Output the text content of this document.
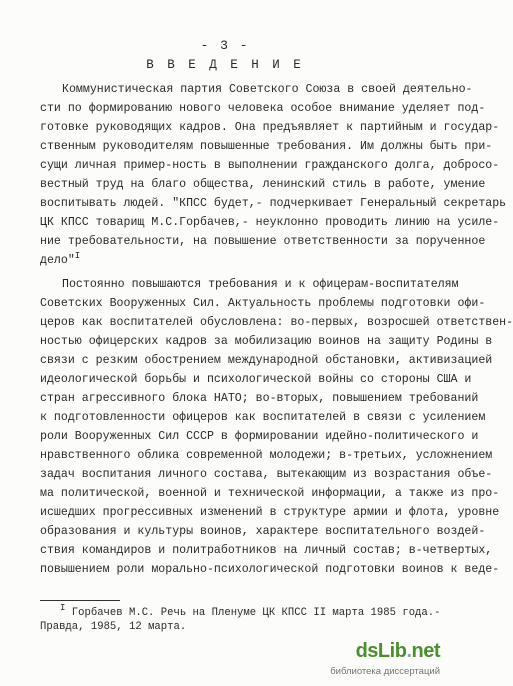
- 3 -
В В Е Д Е Н И Е
Коммунистическая партия Советского Союза в своей деятельно-
сти по формированию нового человека особое внимание уделяет под-
готовке руководящих кадров. Она предъявляет к партийным и государ-
ственным руководителям повышенные требования. Им должны быть при-
сущи личная пример-ность в выполнении гражданского долга, добросо-
вестный труд на благо общества, ленинский стиль в работе, умение
воспитывать людей. "КПСС будет,- подчеркивает Генеральный секретарь
ЦК КПСС товарищ М.С.Горбачев,- неуклонно проводить линию на усиле-
ние требовательности, на повышение ответственности за порученное
дело"$^I$
Постоянно повышаются требования и к офицерам-воспитателям
Советских Вооруженных Сил. Актуальность проблемы подготовки офи-
церов как воспитателей обусловлена: во-первых, возросшей ответствен-
ностью офицерских кадров за мобилизацию воинов на защиту Родины в
связи с резким обострением международной обстановки, активизацией
идеологической борьбы и психологической войны со стороны США и
стран агрессивного блока НАТО; во-вторых, повышением требований
к подготовленности офицеров как воспитателей в связи с усилением
роли Вооруженных Сил СССР в формировании идейно-политического и
нравственного облика современной молодежи; в-третьих, усложнением
задач воспитания личного состава, вытекающим из возрастания объе-
ма политической, военной и технической информации, а также из про-
исшедших прогрессивных изменений в структуре армии и флота, уровне
образования и культуры воинов, характере воспитательного воздей-
ствия командиров и политработников на личный состав; в-четвертых,
повышением роли морально-психологической подготовки воинов к веде-
$^I$ Горбачев М.С. Речь на Пленуме ЦК КПСС II марта 1985 года.-
Правда, 1985, 12 марта.
dsLib.net
библиотека диссертаций
